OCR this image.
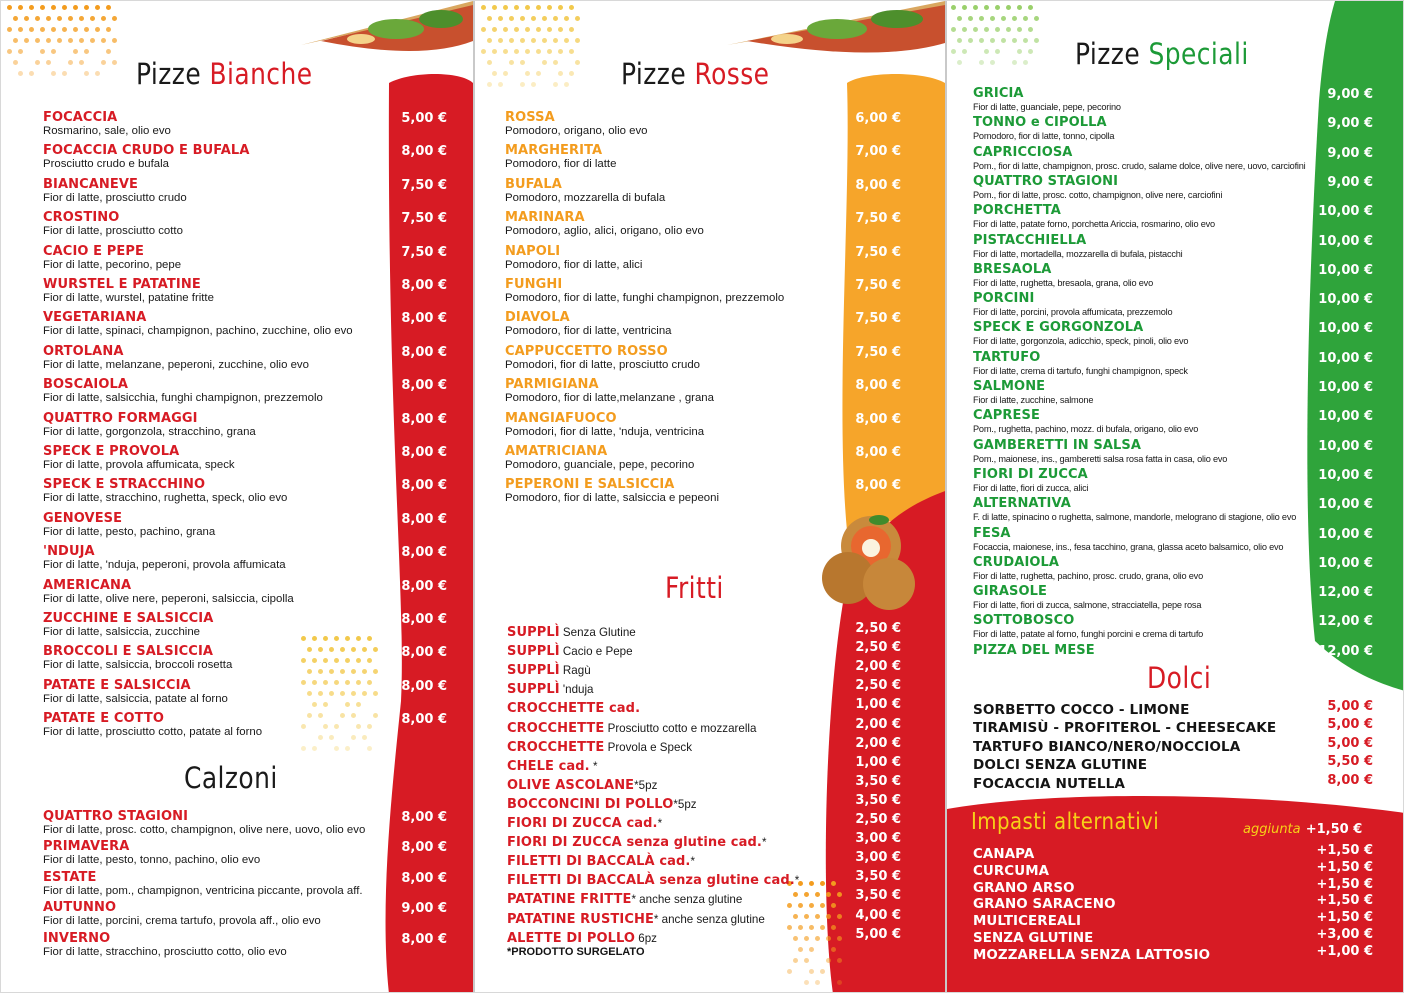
Pizze Bianche
FOCACCIA
Rosmarino, sale, olio evo
5,00 €
FOCACCIA CRUDO E BUFALA
Prosciutto crudo e bufala
8,00 €
BIANCANEVE
Fior di latte, prosciutto crudo
7,50 €
CROSTINO
Fior di latte, prosciutto cotto
7,50 €
CACIO E PEPE
Fior di latte, pecorino, pepe
7,50 €
WURSTEL E PATATINE
Fior di latte, wurstel, patatine fritte
8,00 €
VEGETARIANA
Fior di latte, spinaci, champignon, pachino, zucchine, olio evo
8,00 €
ORTOLANA
Fior di latte, melanzane, peperoni, zucchine, olio evo
8,00 €
BOSCAIOLA
Fior di latte, salsicchia, funghi champignon, prezzemolo
8,00 €
QUATTRO FORMAGGI
Fior di latte, gorgonzola, stracchino, grana
8,00 €
SPECK E PROVOLA
Fior di latte, provola affumicata, speck
8,00 €
SPECK E STRACCHINO
Fior di latte, stracchino, rughetta, speck, olio evo
8,00 €
GENOVESE
Fior di latte, pesto, pachino, grana
8,00 €
'NDUJA
Fior di latte, 'nduja, peperoni, provola affumicata
8,00 €
AMERICANA
Fior di latte, olive nere, peperoni, salsiccia, cipolla
8,00 €
ZUCCHINE E SALSICCIA
Fior di latte, salsiccia, zucchine
8,00 €
BROCCOLI E SALSICCIA
Fior di latte, salsiccia, broccoli rosetta
8,00 €
PATATE E SALSICCIA
Fior di latte, salsiccia, patate al forno
8,00 €
PATATE E COTTO
Fior di latte, prosciutto cotto, patate al forno
8,00 €
Calzoni
QUATTRO STAGIONI
Fior di latte, prosc. cotto, champignon, olive nere, uovo, olio evo
8,00 €
PRIMAVERA
Fior di latte, pesto, tonno, pachino, olio evo
8,00 €
ESTATE
Fior di latte, pom., champignon, ventricina piccante, provola aff.
8,00 €
AUTUNNO
Fior di latte, porcini, crema tartufo, provola aff., olio evo
9,00 €
INVERNO
Fior di latte, stracchino, prosciutto cotto, olio evo
8,00 €
Pizze Rosse
ROSSA
Pomodoro, origano, olio evo
6,00 €
MARGHERITA
Pomodoro, fior di latte
7,00 €
BUFALA
Pomodoro, mozzarella di bufala
8,00 €
MARINARA
Pomodoro, aglio, alici, origano, olio evo
7,50 €
NAPOLI
Pomodoro, fior di latte, alici
7,50 €
FUNGHI
Pomodoro, fior di latte, funghi champignon, prezzemolo
7,50 €
DIAVOLA
Pomodoro, fior di latte, ventricina
7,50 €
CAPPUCCETTO ROSSO
Pomodori, fior di latte, prosciutto crudo
7,50 €
PARMIGIANA
Pomodoro, fior di latte,melanzane , grana
8,00 €
MANGIAFUOCO
Pomodori, fior di latte, 'nduja, ventricina
8,00 €
AMATRICIANA
Pomodoro, guanciale, pepe, pecorino
8,00 €
PEPERONI E SALSICCIA
Pomodoro, fior di latte, salsiccia e pepeoni
8,00 €
Fritti
SUPPLÌ Senza Glutine	2,50 €
SUPPLÌ Cacio e Pepe	2,50 €
SUPPLÌ Ragù	2,00 €
SUPPLÌ 'nduja	2,50 €
CROCCHETTE cad.	1,00 €
CROCCHETTE Prosciutto cotto e mozzarella	2,00 €
CROCCHETTE Provola e Speck	2,00 €
CHELE cad. *	1,00 €
OLIVE ASCOLANE*5pz	3,50 €
BOCCONCINI DI POLLO*5pz	3,50 €
FIORI DI ZUCCA cad.*	2,50 €
FIORI DI ZUCCA senza glutine cad.*	3,00 €
FILETTI DI BACCALÀ cad.*	3,00 €
FILETTI DI BACCALÀ senza glutine cad.*	3,50 €
PATATINE FRITTE* anche senza glutine	3,50 €
PATATINE RUSTICHE* anche senza glutine	4,00 €
ALETTE DI POLLO 6pz	5,00 €
*PRODOTTO SURGELATO
Pizze Speciali
GRICIA
Fior di latte, guanciale, pepe, pecorino
9,00 €
TONNO e CIPOLLA
Pomodoro, fior di latte, tonno, cipolla
9,00 €
CAPRICCIOSA
Pom., fior di latte, champignon, prosc. crudo, salame dolce, olive nere, uovo, carciofini
9,00 €
QUATTRO STAGIONI
Pom., fior di latte, prosc. cotto, champignon, olive nere, carciofini
9,00 €
PORCHETTA
Fior di latte, patate forno, porchetta Ariccia, rosmarino, olio evo
10,00 €
PISTACCHIELLA
Fior di latte, mortadella, mozzarella di bufala, pistacchi
10,00 €
BRESAOLA
Fior di latte, rughetta, bresaola, grana, olio evo
10,00 €
PORCINI
Fior di latte, porcini, provola affumicata, prezzemolo
10,00 €
SPECK E GORGONZOLA
Fior di latte, gorgonzola, adicchio, speck, pinoli, olio evo
10,00 €
TARTUFO
Fior di latte, crema di tartufo, funghi champignon, speck
10,00 €
SALMONE
Fior di latte, zucchine, salmone
10,00 €
CAPRESE
Pom., rughetta, pachino, mozz. di bufala, origano, olio evo
10,00 €
GAMBERETTI IN SALSA
Pom., maionese, ins., gamberetti salsa rosa fatta in casa, olio evo
10,00 €
FIORI DI ZUCCA
Fior di latte, fiori di zucca, alici
10,00 €
ALTERNATIVA
F. di latte, spinacino o rughetta, salmone, mandorle, melograno di stagione, olio evo
10,00 €
FESA
Focaccia, maionese, ins., fesa tacchino, grana, glassa aceto balsamico, olio evo
10,00 €
CRUDAIOLA
Fior di latte, rughetta, pachino, prosc. crudo, grana, olio evo
10,00 €
GIRASOLE
Fior di latte, fiori di zucca, salmone, stracciatella, pepe rosa
12,00 €
SOTTOBOSCO
Fior di latte, patate al forno, funghi porcini e crema di tartufo
12,00 €
PIZZA DEL MESE	12,00 €
Dolci
SORBETTO COCCO - LIMONE	5,00 €
TIRAMISÙ - PROFITEROL - CHEESECAKE	5,00 €
TARTUFO BIANCO/NERO/NOCCIOLA	5,00 €
DOLCI SENZA GLUTINE	5,50 €
FOCACCIA NUTELLA	8,00 €
Impasti alternativi	aggiunta +1,50 €
CANAPA	+1,50 €
CURCUMA	+1,50 €
GRANO ARSO	+1,50 €
GRANO SARACENO	+1,50 €
MULTICEREALI	+1,50 €
SENZA GLUTINE	+3,00 €
MOZZARELLA SENZA LATTOSIO	+1,00 €
